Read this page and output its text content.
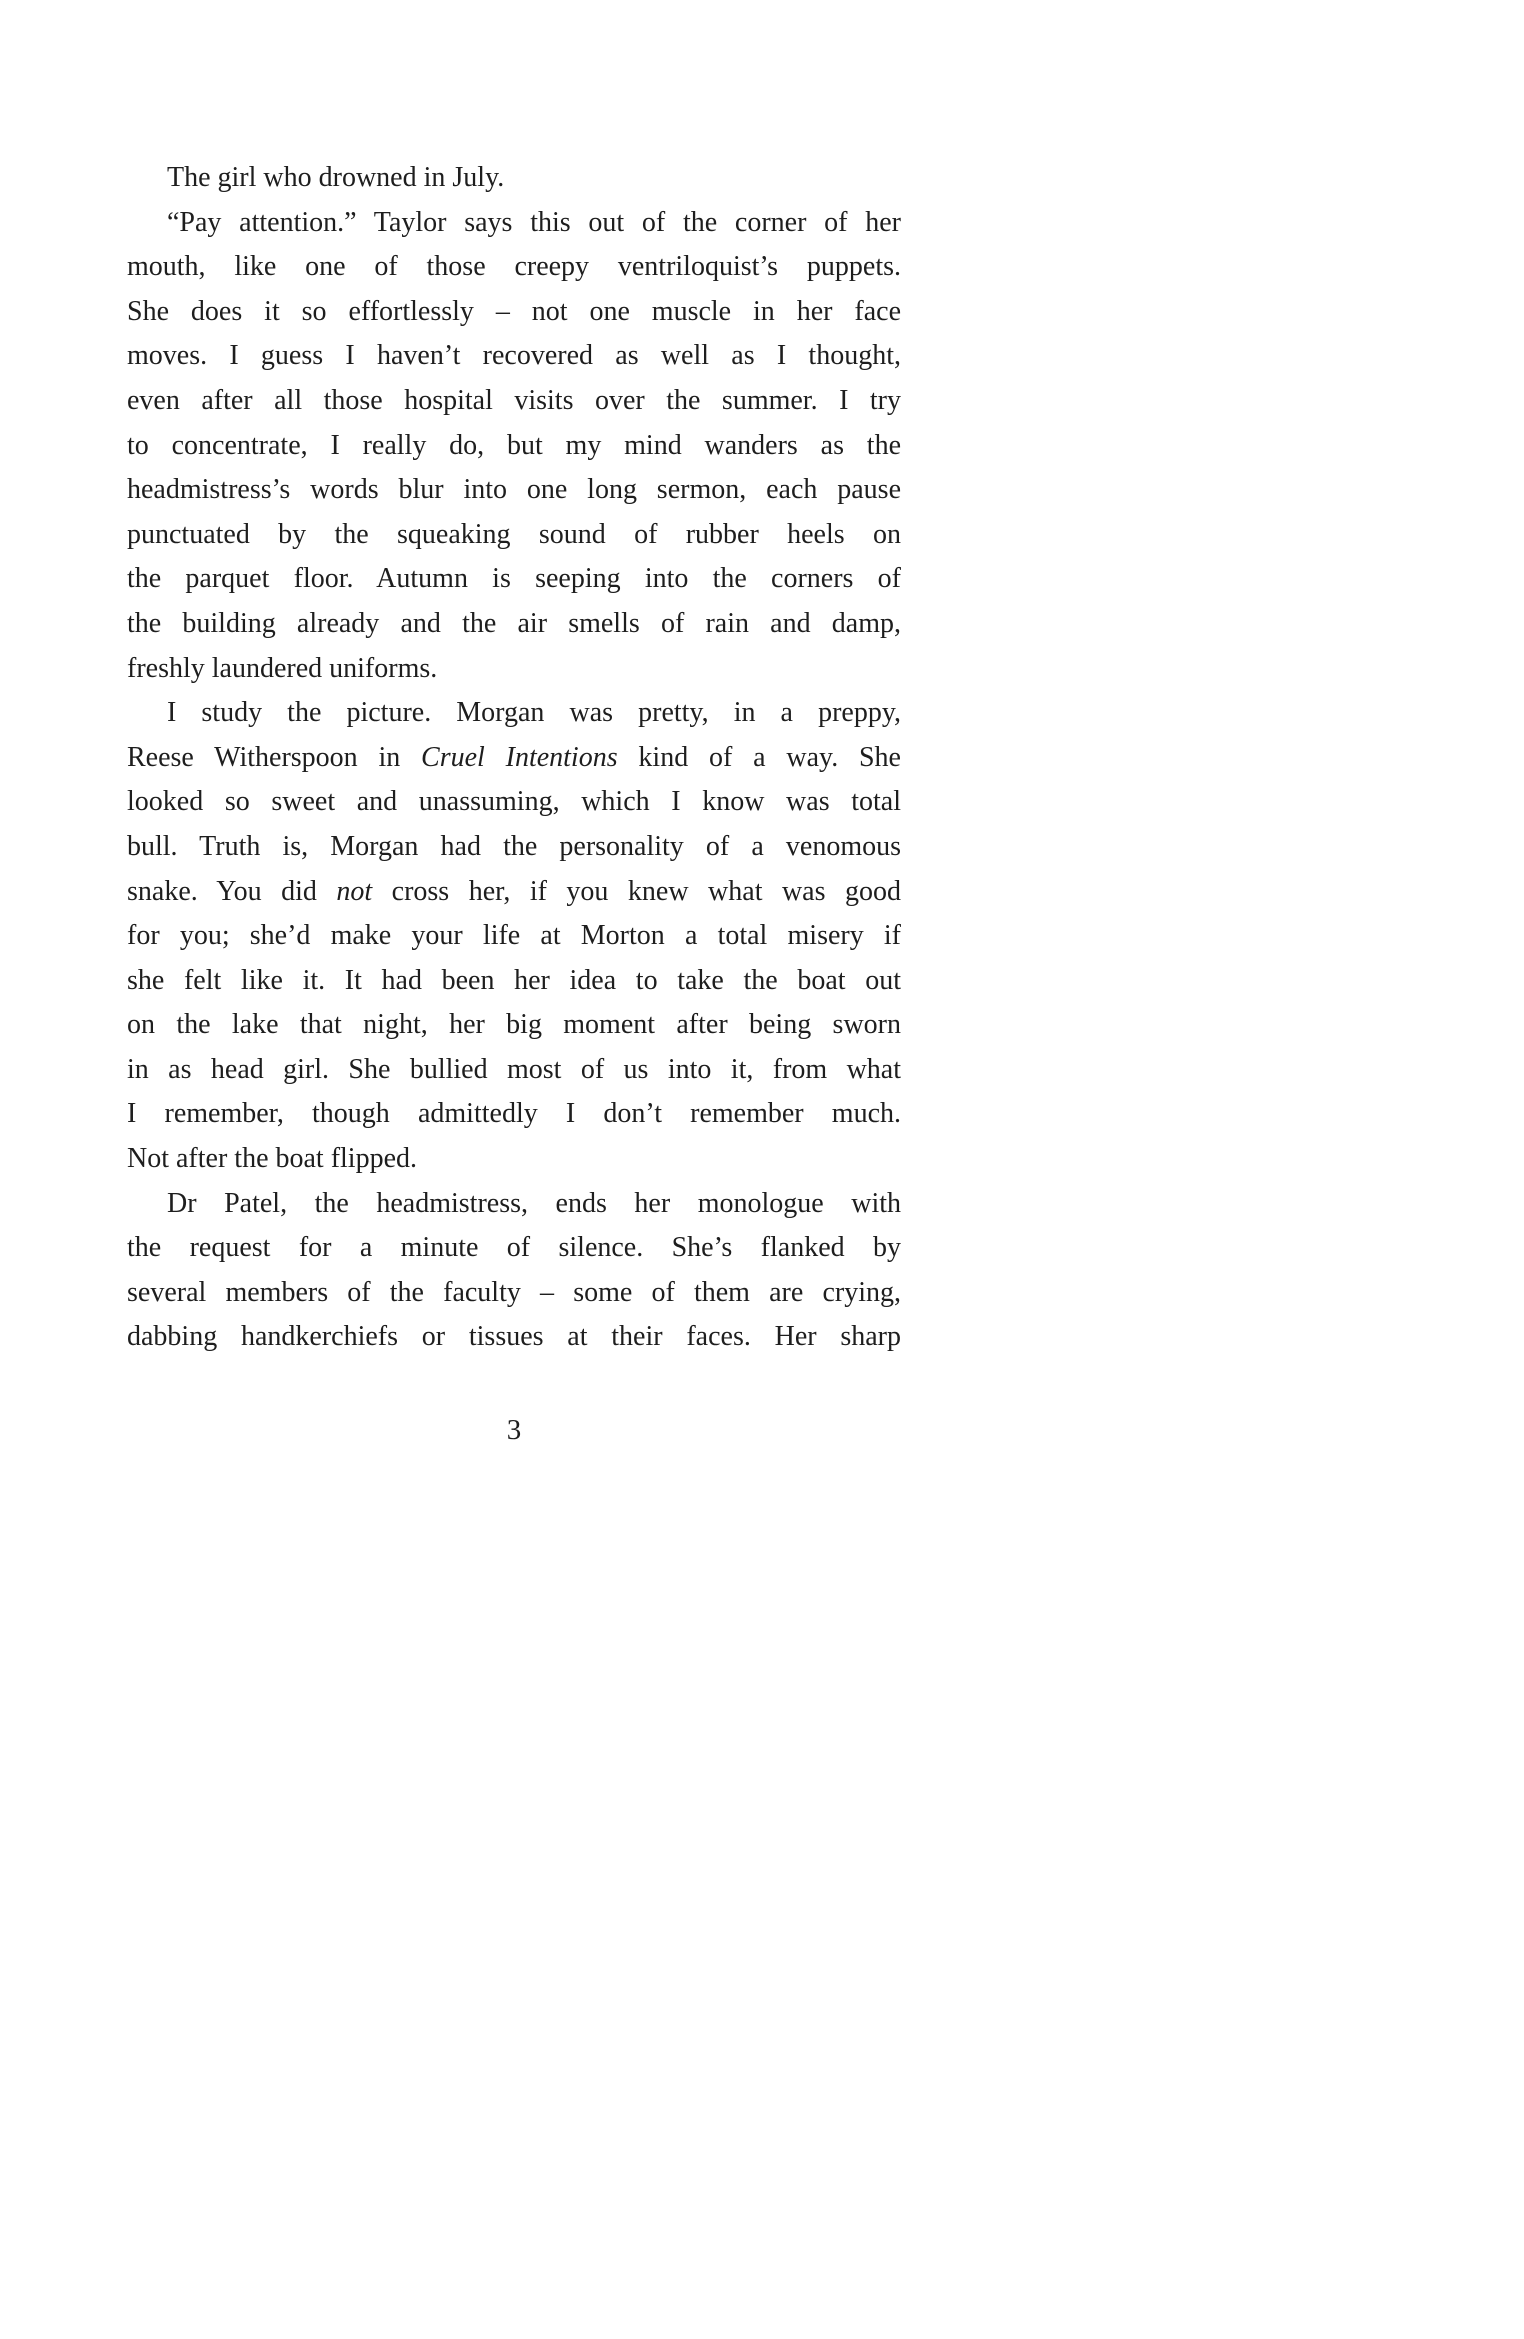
The girl who drowned in July.
“Pay attention.” Taylor says this out of the corner of her
mouth, like one of those creepy ventriloquist’s puppets.
She does it so effortlessly – not one muscle in her face
moves. I guess I haven’t recovered as well as I thought,
even after all those hospital visits over the summer. I try
to concentrate, I really do, but my mind wanders as the
headmistress’s words blur into one long sermon, each pause
punctuated by the squeaking sound of rubber heels on
the parquet floor. Autumn is seeping into the corners of
the building already and the air smells of rain and damp,
freshly laundered uniforms.
I study the picture. Morgan was pretty, in a preppy,
Reese Witherspoon in Cruel Intentions kind of a way. She
looked so sweet and unassuming, which I know was total
bull. Truth is, Morgan had the personality of a venomous
snake. You did not cross her, if you knew what was good
for you; she’d make your life at Morton a total misery if
she felt like it. It had been her idea to take the boat out
on the lake that night, her big moment after being sworn
in as head girl. She bullied most of us into it, from what
I remember, though admittedly I don’t remember much.
Not after the boat flipped.
Dr Patel, the headmistress, ends her monologue with
the request for a minute of silence. She’s flanked by
several members of the faculty – some of them are crying,
dabbing handkerchiefs or tissues at their faces. Her sharp
3
